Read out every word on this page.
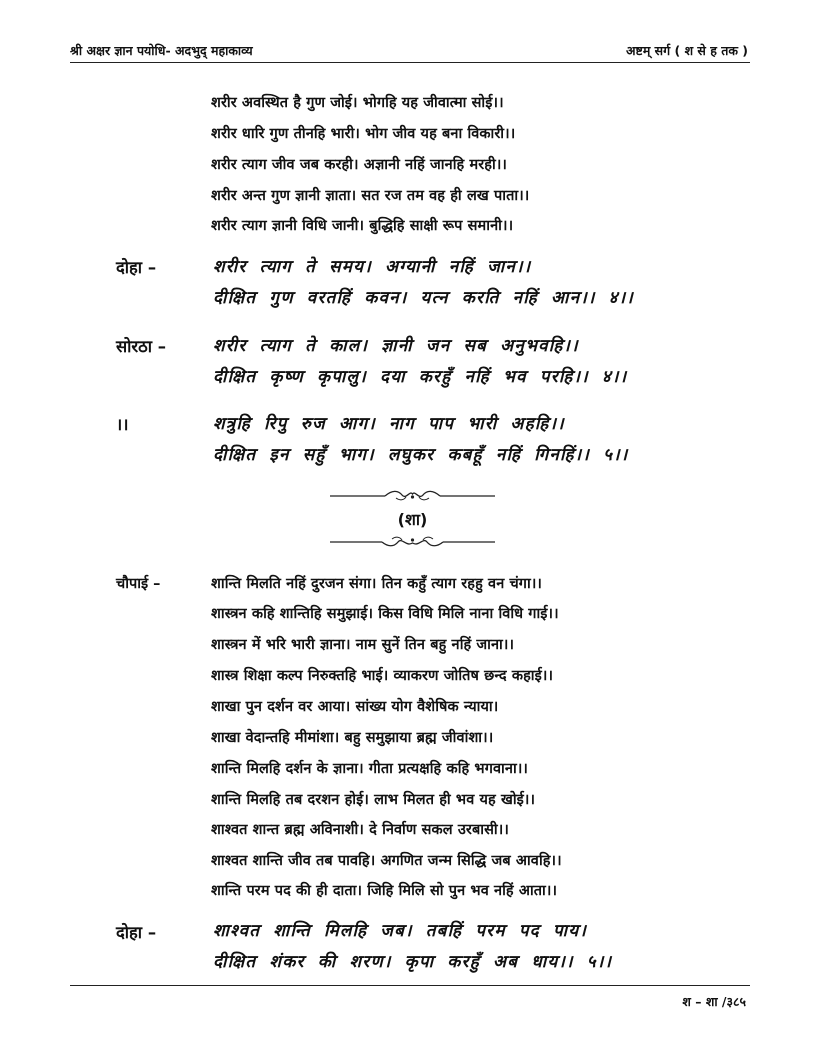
श्री अक्षर ज्ञान पयोधि- अदभुद् महाकाव्य	अष्टम् सर्ग ( श से ह तक )
शरीर अवस्थित है गुण जोई। भोगहि यह जीवात्मा सोई।।
शरीर धारि गुण तीनहि भारी। भोग जीव यह बना विकारी।।
शरीर त्याग जीव जब करही। अज्ञानी नहिं जानहि मरही।।
शरीर अन्त गुण ज्ञानी ज्ञाता। सत रज तम वह ही लख पाता।।
शरीर त्याग ज्ञानी विधि जानी। बुद्धिहि साक्षी रूप समानी।।
दोहा –	शरीर त्याग ते समय। अग्यानी नहिं जान।।
दीक्षित गुण वरतहिं कवन। यत्न करति नहिं आन।। ४।।
सोरठा –	शरीर त्याग ते काल। ज्ञानी जन सब अनुभवहि।।
दीक्षित कृष्ण कृपालु। दया करहुँ नहिं भव परहि।। ४।।
।।	शत्रुहि रिपु रुज आग। नाग पाप भारी अहहि।।
दीक्षित इन सहुँ भाग। लघुकर कबहूँ नहिं गिनहिं।। ५।।
(शा)
चौपाई –	शान्ति मिलति नहिं दुरजन संगा। तिन कहुँ त्याग रहहु वन चंगा।।
शास्त्रन कहि शान्तिहि समुझाई। किस विधि मिलि नाना विधि गाई।।
शास्त्रन में भरि भारी ज्ञाना। नाम सुनें तिन बहु नहिं जाना।।
शास्त्र शिक्षा कल्प निरुक्तहि भाई। व्याकरण जोतिष छन्द कहाई।।
शाखा पुन दर्शन वर आया। सांख्य योग वैशेषिक न्याया।
शाखा वेदान्तहि मीमांशा। बहु समुझाया ब्रह्म जीवांशा।।
शान्ति मिलहि दर्शन के ज्ञाना। गीता प्रत्यक्षहि कहि भगवाना।।
शान्ति मिलहि तब दरशन होई। लाभ मिलत ही भव यह खोई।।
शाश्वत शान्त ब्रह्म अविनाशी। दे निर्वाण सकल उरबासी।।
शाश्वत शान्ति जीव तब पावहि। अगणित जन्म सिद्धि जब आवहि।।
शान्ति परम पद की ही दाता। जिहि मिलि सो पुन भव नहिं आता।।
दोहा –	शाश्वत शान्ति मिलहि जब। तबहिं परम पद पाय।
दीक्षित शंकर की शरण। कृपा करहुँ अब धाय।। ५।।
श – शा /३८५
